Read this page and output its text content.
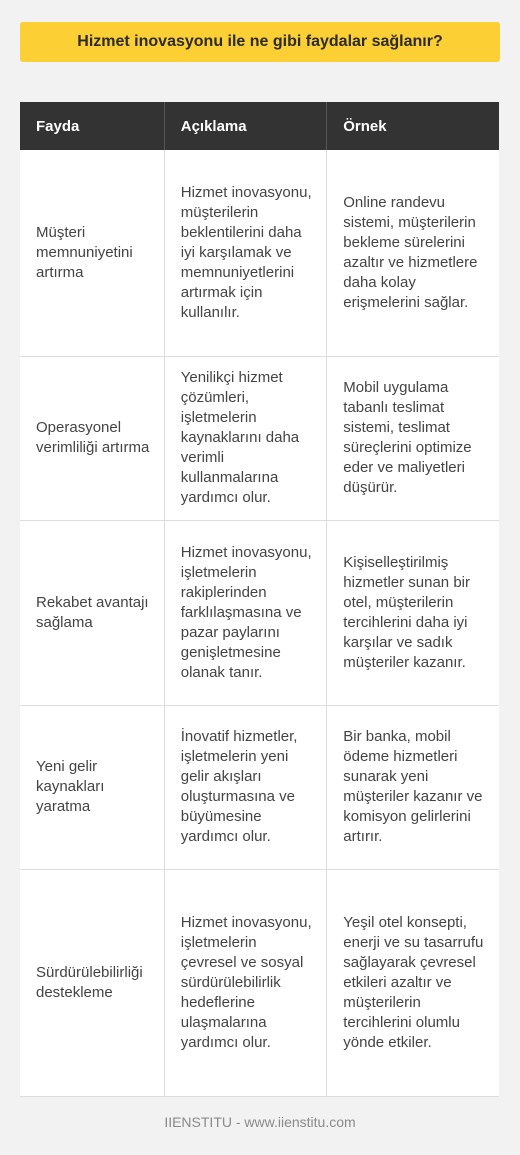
Hizmet inovasyonu ile ne gibi faydalar sağlanır?
Fayda	Açıklama	Örnek
Müşteri memnuniyetini artırma	Hizmet inovasyonu, müşterilerin beklentilerini daha iyi karşılamak ve memnuniyetlerini artırmak için kullanılır.	Online randevu sistemi, müşterilerin bekleme sürelerini azaltır ve hizmetlere daha kolay erişmelerini sağlar.
Operasyonel verimliliği artırma	Yenilikçi hizmet çözümleri, işletmelerin kaynaklarını daha verimli kullanmalarına yardımcı olur.	Mobil uygulama tabanlı teslimat sistemi, teslimat süreçlerini optimize eder ve maliyetleri düşürür.
Rekabet avantajı sağlama	Hizmet inovasyonu, işletmelerin rakiplerinden farklılaşmasına ve pazar paylarını genişletmesine olanak tanır.	Kişiselleştirilmiş hizmetler sunan bir otel, müşterilerin tercihlerini daha iyi karşılar ve sadık müşteriler kazanır.
Yeni gelir kaynakları yaratma	İnovatif hizmetler, işletmelerin yeni gelir akışları oluşturmasına ve büyümesine yardımcı olur.	Bir banka, mobil ödeme hizmetleri sunarak yeni müşteriler kazanır ve komisyon gelirlerini artırır.
Sürdürülebilirliği destekleme	Hizmet inovasyonu, işletmelerin çevresel ve sosyal sürdürülebilirlik hedeflerine ulaşmalarına yardımcı olur.	Yeşil otel konsepti, enerji ve su tasarrufu sağlayarak çevresel etkileri azaltır ve müşterilerin tercihlerini olumlu yönde etkiler.
IIENSTITU - www.iienstitu.com
